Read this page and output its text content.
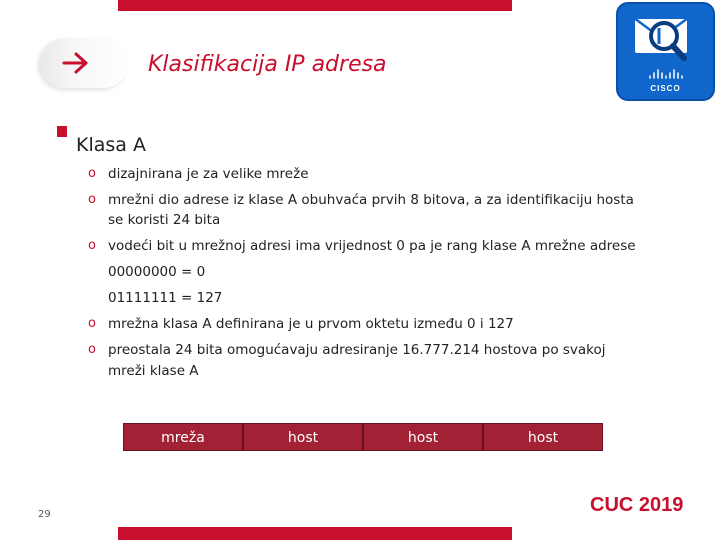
Klasifikacija IP adresa
CISCO
Klasa A
o dizajnirana je za velike mreže
o mrežni dio adrese iz klase A obuhvaća prvih 8 bitova, a za identifikaciju hosta
se koristi 24 bita
o vodeći bit u mrežnoj adresi ima vrijednost 0 pa je rang klase A mrežne adrese
00000000 = 0
01111111 = 127
o mrežna klasa A definirana je u prvom oktetu između 0 i 127
o preostala 24 bita omogućavaju adresiranje 16.777.214 hostova po svakoj
mreži klase A
mreža	host	host	host
29	CUC 2019
